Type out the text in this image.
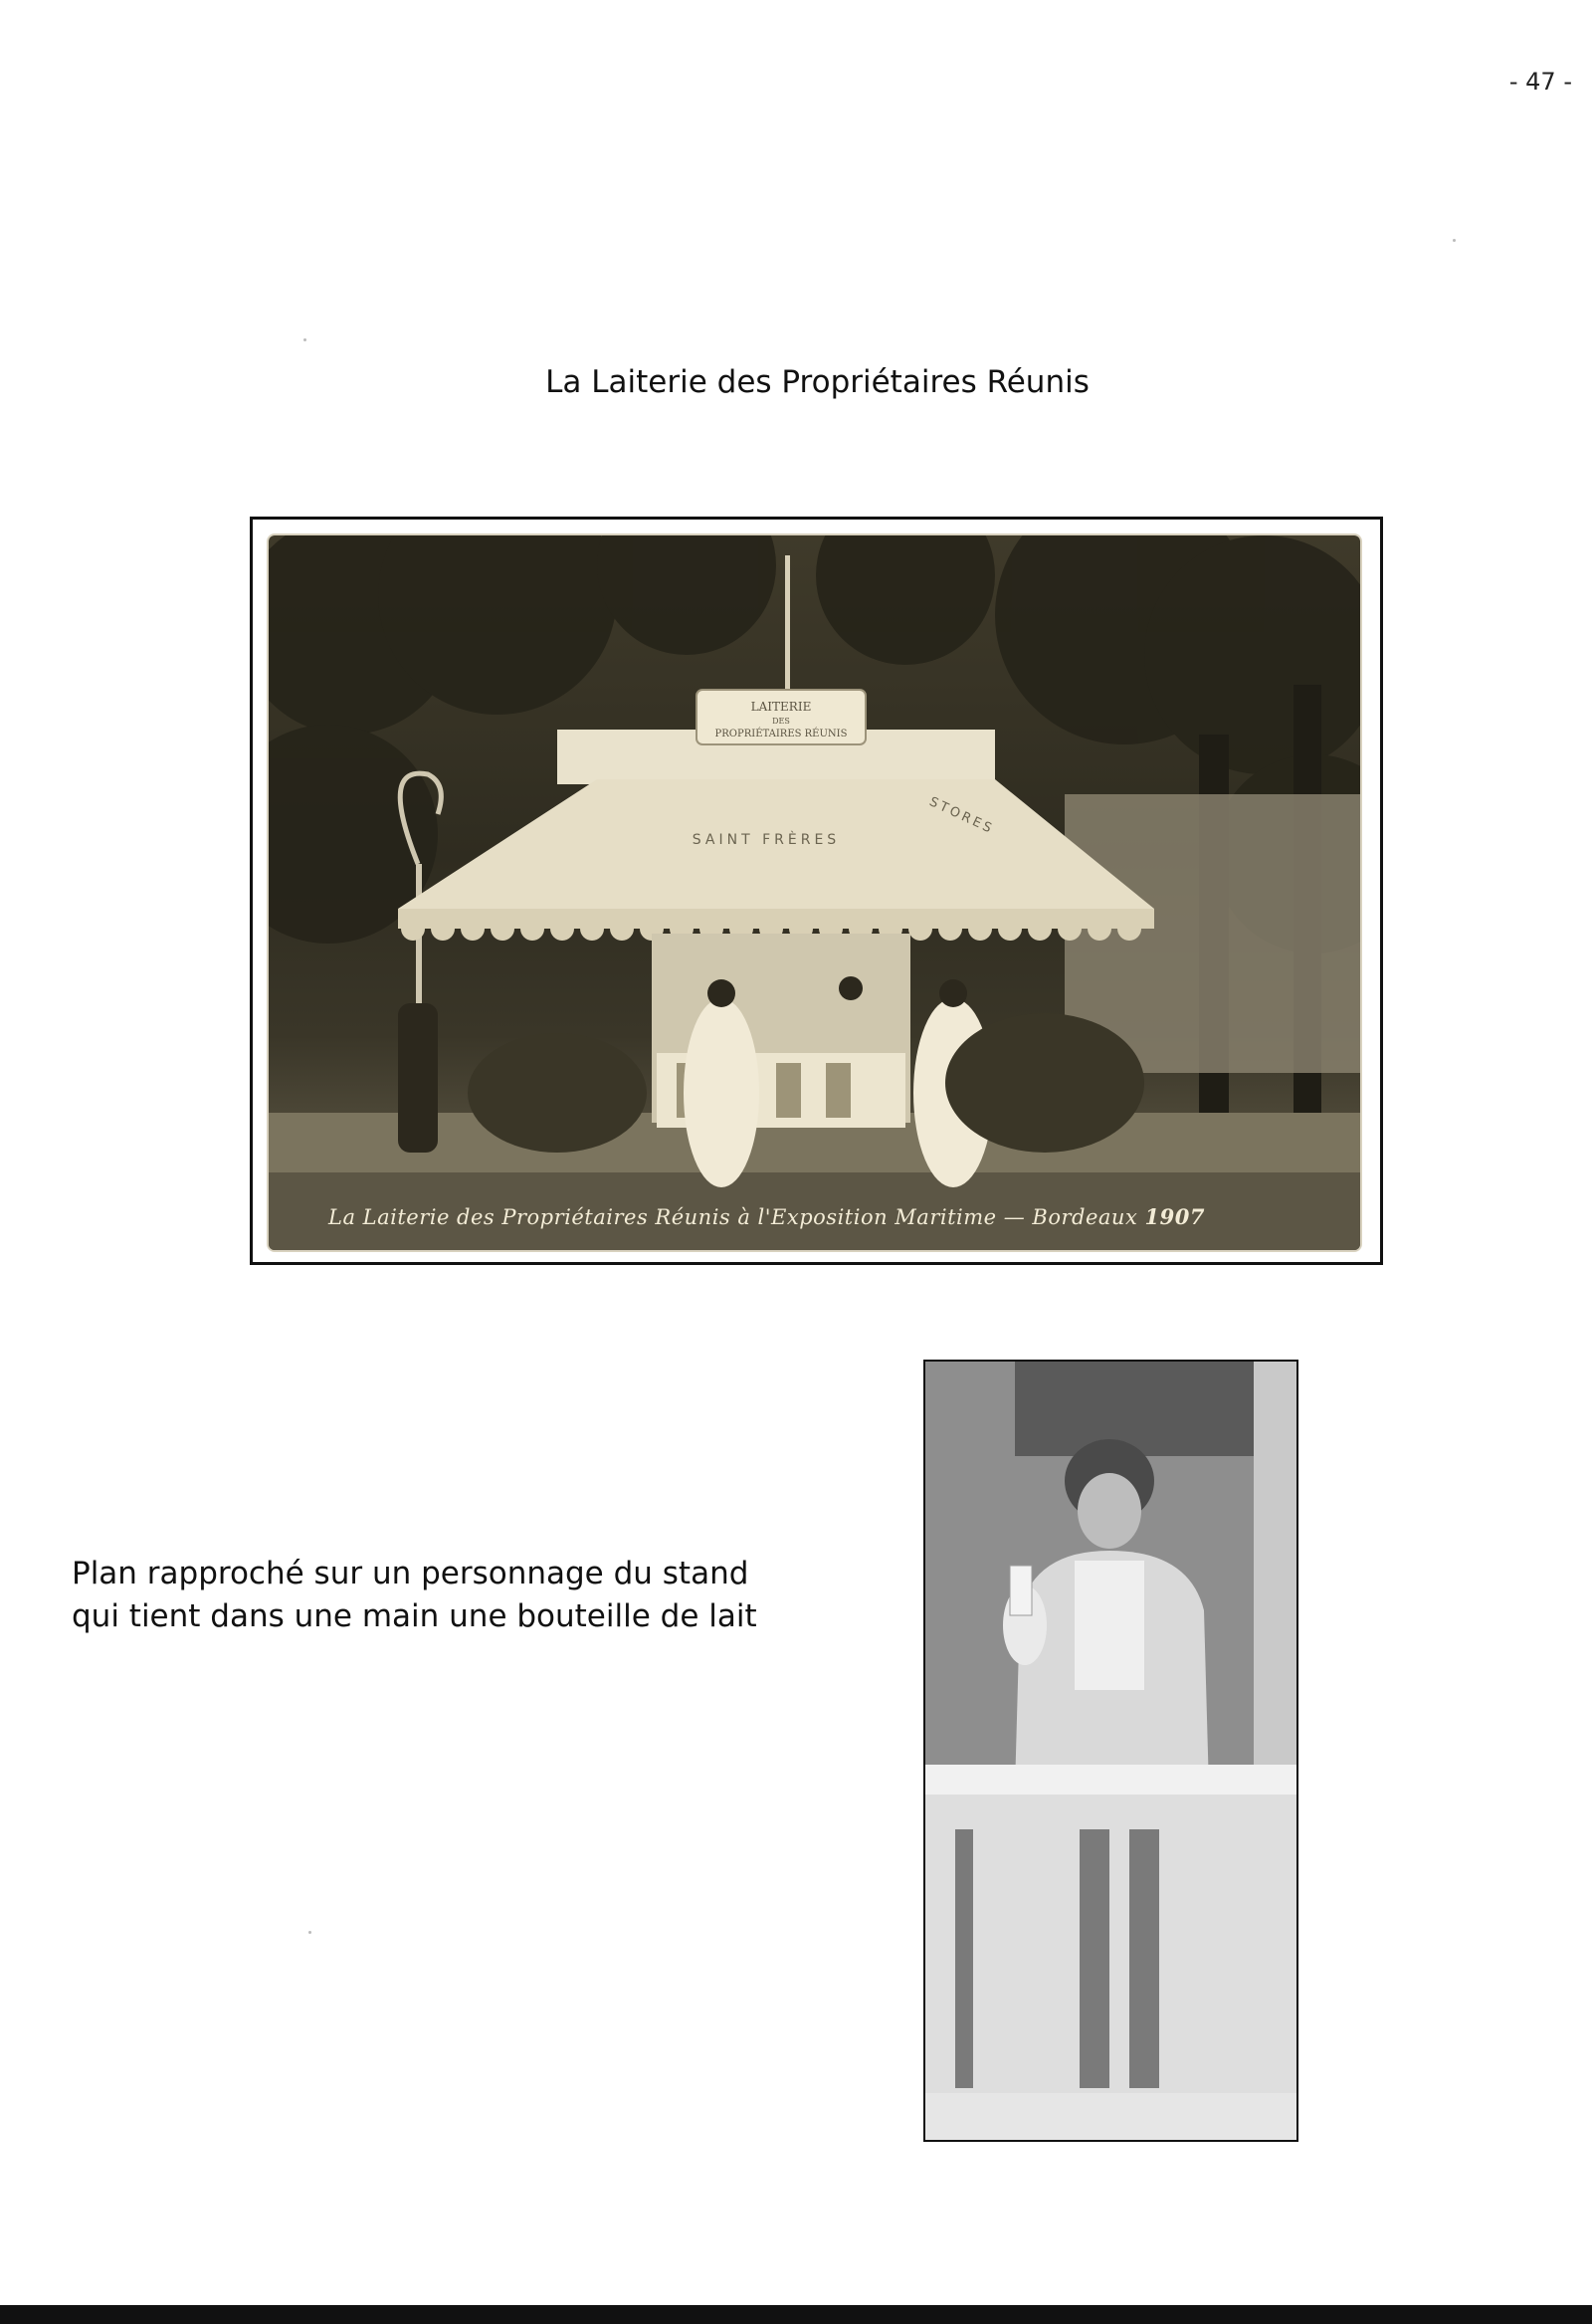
- 47 -
La Laiterie des Propriétaires Réunis
LAITERIE
DES
PROPRIÉTAIRES RÉUNIS
SAINT FRÈRES
STORES
La Laiterie des Propriétaires Réunis à l'Exposition Maritime — Bordeaux 1907
Plan rapproché sur un personnage du stand
qui tient dans une main une bouteille de lait
